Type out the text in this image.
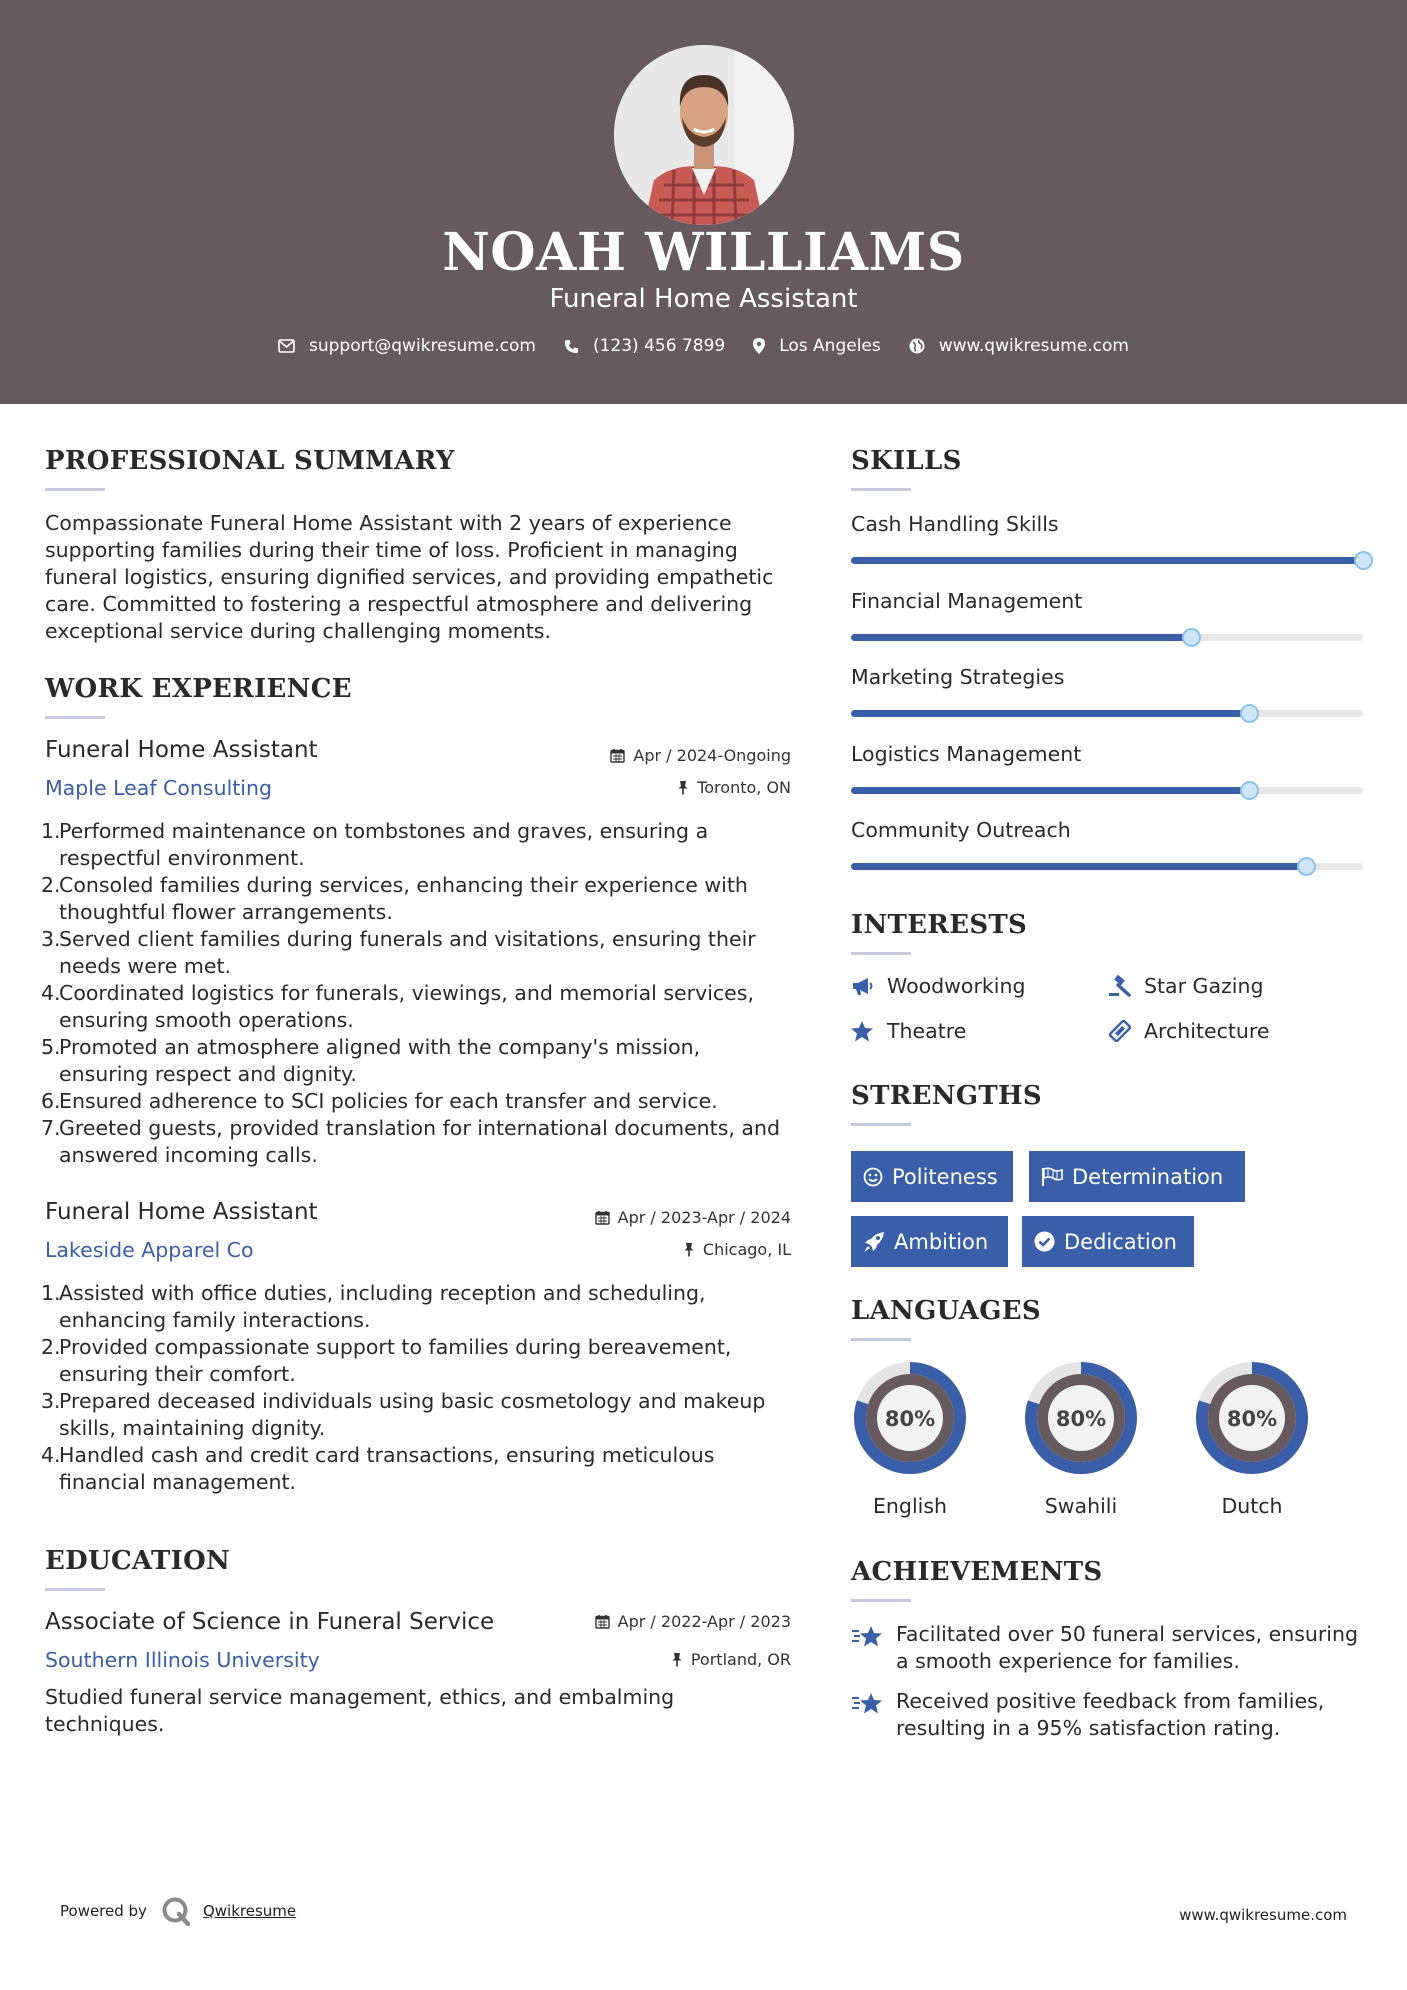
NOAH WILLIAMS
Funeral Home Assistant
support@qwikresume.com	(123) 456 7899	Los Angeles	www.qwikresume.com
PROFESSIONAL SUMMARY
Compassionate Funeral Home Assistant with 2 years of experience supporting families during their time of loss. Proficient in managing funeral logistics, ensuring dignified services, and providing empathetic care. Committed to fostering a respectful atmosphere and delivering exceptional service during challenging moments.
WORK EXPERIENCE
Funeral Home Assistant	Apr / 2024-Ongoing
Maple Leaf Consulting	Toronto, ON
1.
Performed maintenance on tombstones and graves, ensuring a respectful environment.
2.
Consoled families during services, enhancing their experience with thoughtful flower arrangements.
3.
Served client families during funerals and visitations, ensuring their needs were met.
4.
Coordinated logistics for funerals, viewings, and memorial services, ensuring smooth operations.
5.
Promoted an atmosphere aligned with the company's mission, ensuring respect and dignity.
6.
Ensured adherence to SCI policies for each transfer and service.
7.
Greeted guests, provided translation for international documents, and answered incoming calls.
Funeral Home Assistant	Apr / 2023-Apr / 2024
Lakeside Apparel Co	Chicago, IL
1.
Assisted with office duties, including reception and scheduling, enhancing family interactions.
2.
Provided compassionate support to families during bereavement, ensuring their comfort.
3.
Prepared deceased individuals using basic cosmetology and makeup skills, maintaining dignity.
4.
Handled cash and credit card transactions, ensuring meticulous financial management.
EDUCATION
Associate of Science in Funeral Service	Apr / 2022-Apr / 2023
Southern Illinois University	Portland, OR
Studied funeral service management, ethics, and embalming techniques.
SKILLS
Cash Handling Skills
Financial Management
Marketing Strategies
Logistics Management
Community Outreach
INTERESTS
Woodworking	Star Gazing
Theatre	Architecture
STRENGTHS
Politeness	Determination
Ambition	Dedication
LANGUAGES
80%
English
80%
Swahili
80%
Dutch
ACHIEVEMENTS
Facilitated over 50 funeral services, ensuring a smooth experience for families.
Received positive feedback from families, resulting in a 95% satisfaction rating.
Powered by	Qwikresume	www.qwikresume.com
